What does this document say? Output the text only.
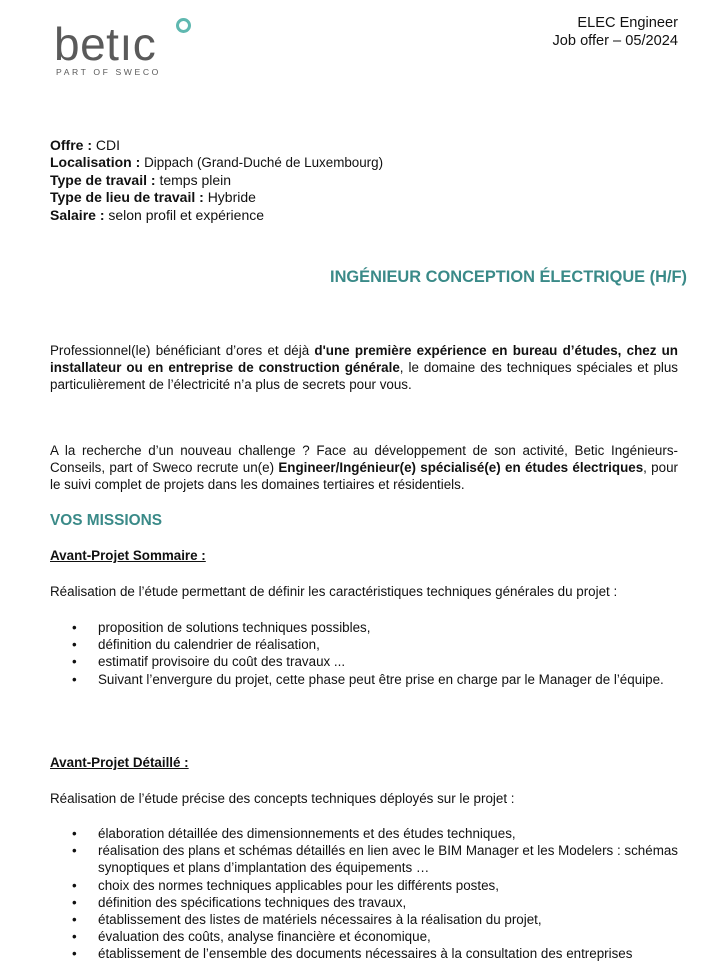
betıc
PART OF SWECO
ELEC Engineer
Job offer – 05/2024
Offre : CDI
Localisation : Dippach (Grand-Duché de Luxembourg)
Type de travail : temps plein
Type de lieu de travail : Hybride
Salaire : selon profil et expérience
INGÉNIEUR CONCEPTION ÉLECTRIQUE (H/F)

Professionnel(le) bénéficiant d’ores et déjà d'une première expérience en bureau d’études, chez un installateur ou en entreprise de construction générale, le domaine des techniques spéciales et plus particulièrement de l’électricité n’a plus de secrets pour vous.

A la recherche d’un nouveau challenge ? Face au développement de son activité, Betic Ingénieurs-Conseils, part of Sweco recrute un(e) Engineer/Ingénieur(e) spécialisé(e) en études électriques, pour le suivi complet de projets dans les domaines tertiaires et résidentiels.

VOS MISSIONS
Avant-Projet Sommaire :

Réalisation de l’étude permettant de définir les caractéristiques techniques générales du projet :

• proposition de solutions techniques possibles,
• définition du calendrier de réalisation,
• estimatif provisoire du coût des travaux ...
• Suivant l’envergure du projet, cette phase peut être prise en charge par le Manager de l’équipe.
Avant-Projet Détaillé :

Réalisation de l’étude précise des concepts techniques déployés sur le projet :

• élaboration détaillée des dimensionnements et des études techniques,
• réalisation des plans et schémas détaillés en lien avec le BIM Manager et les Modelers : schémas synoptiques et plans d’implantation des équipements …
• choix des normes techniques applicables pour les différents postes,
• définition des spécifications techniques des travaux,
• établissement des listes de matériels nécessaires à la réalisation du projet,
• évaluation des coûts, analyse financière et économique,
• établissement de l’ensemble des documents nécessaires à la consultation des entreprises
